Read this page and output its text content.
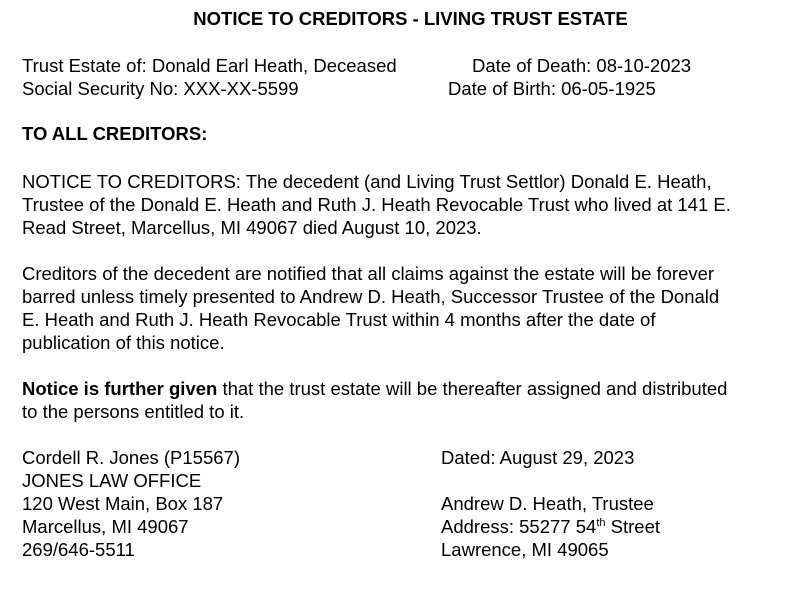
NOTICE TO CREDITORS - LIVING TRUST ESTATE
Trust Estate of: Donald Earl Heath, Deceased	Date of Death: 08-10-2023
Social Security No: XXX-XX-5599	Date of Birth: 06-05-1925
TO ALL CREDITORS:
NOTICE TO CREDITORS: The decedent (and Living Trust Settlor) Donald E. Heath,
Trustee of the Donald E. Heath and Ruth J. Heath Revocable Trust who lived at 141 E.
Read Street, Marcellus, MI 49067 died August 10, 2023.
Creditors of the decedent are notified that all claims against the estate will be forever
barred unless timely presented to Andrew D. Heath, Successor Trustee of the Donald
E. Heath and Ruth J. Heath Revocable Trust within 4 months after the date of
publication of this notice.
Notice is further given that the trust estate will be thereafter assigned and distributed
to the persons entitled to it.
Cordell R. Jones (P15567)
JONES LAW OFFICE
120 West Main, Box 187
Marcellus, MI 49067
269/646-5511
Dated: August 29, 2023
Andrew D. Heath, Trustee
Address: 55277 54th Street
Lawrence, MI 49065
